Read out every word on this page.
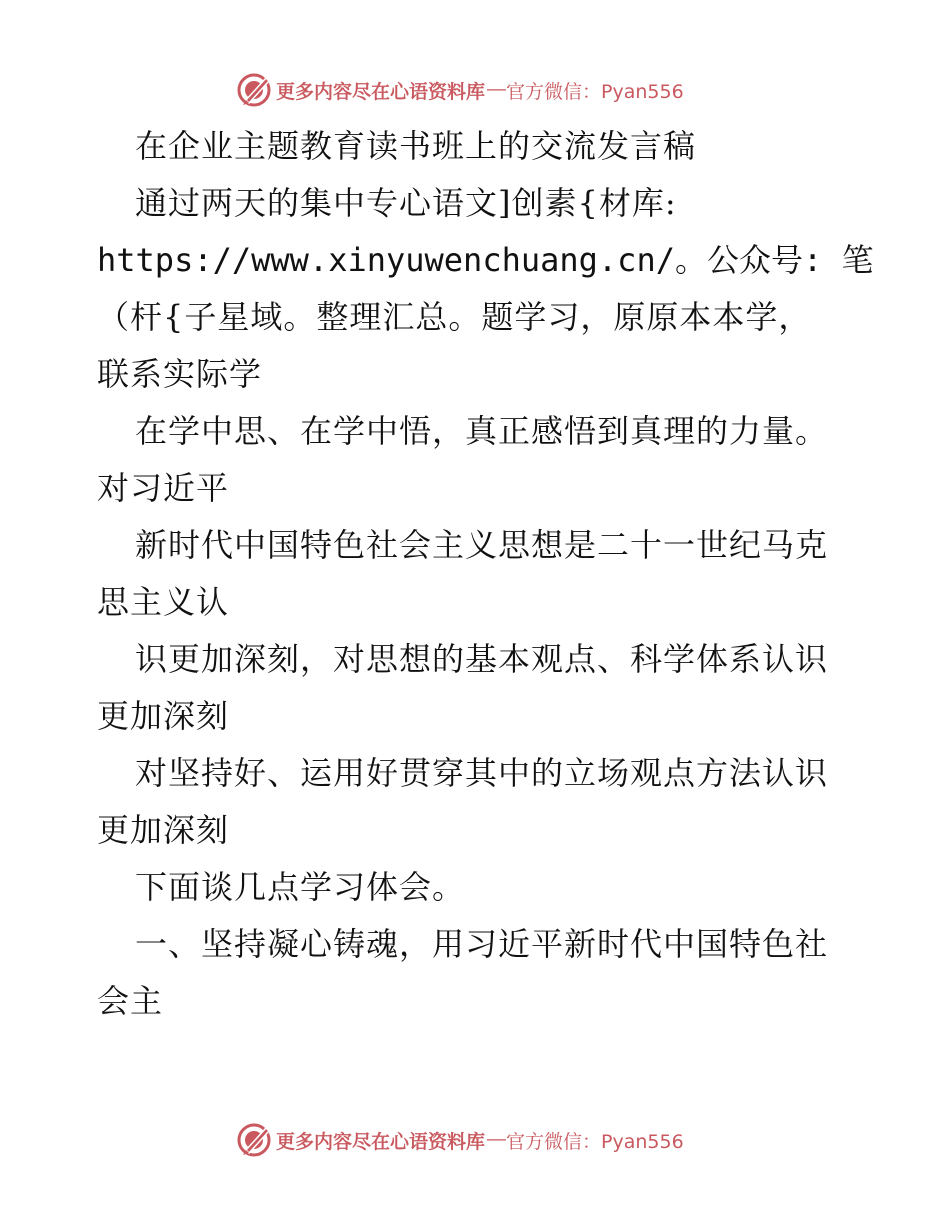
更多内容尽在心语资料库 — 官方微信：Pyan556
在企业主题教育读书班上的交流发言稿
通过两天的集中专心语文]创素{材库:
https://www.xinyuwenchuang.cn/。公众号: 笔
（杆{子星域。整理汇总。题学习，原原本本学，
联系实际学
在学中思、在学中悟，真正感悟到真理的力量。
对习近平
新时代中国特色社会主义思想是二十一世纪马克
思主义认
识更加深刻，对思想的基本观点、科学体系认识
更加深刻
对坚持好、运用好贯穿其中的立场观点方法认识
更加深刻
下面谈几点学习体会。
一、坚持凝心铸魂，用习近平新时代中国特色社
会主
更多内容尽在心语资料库 — 官方微信：Pyan556
